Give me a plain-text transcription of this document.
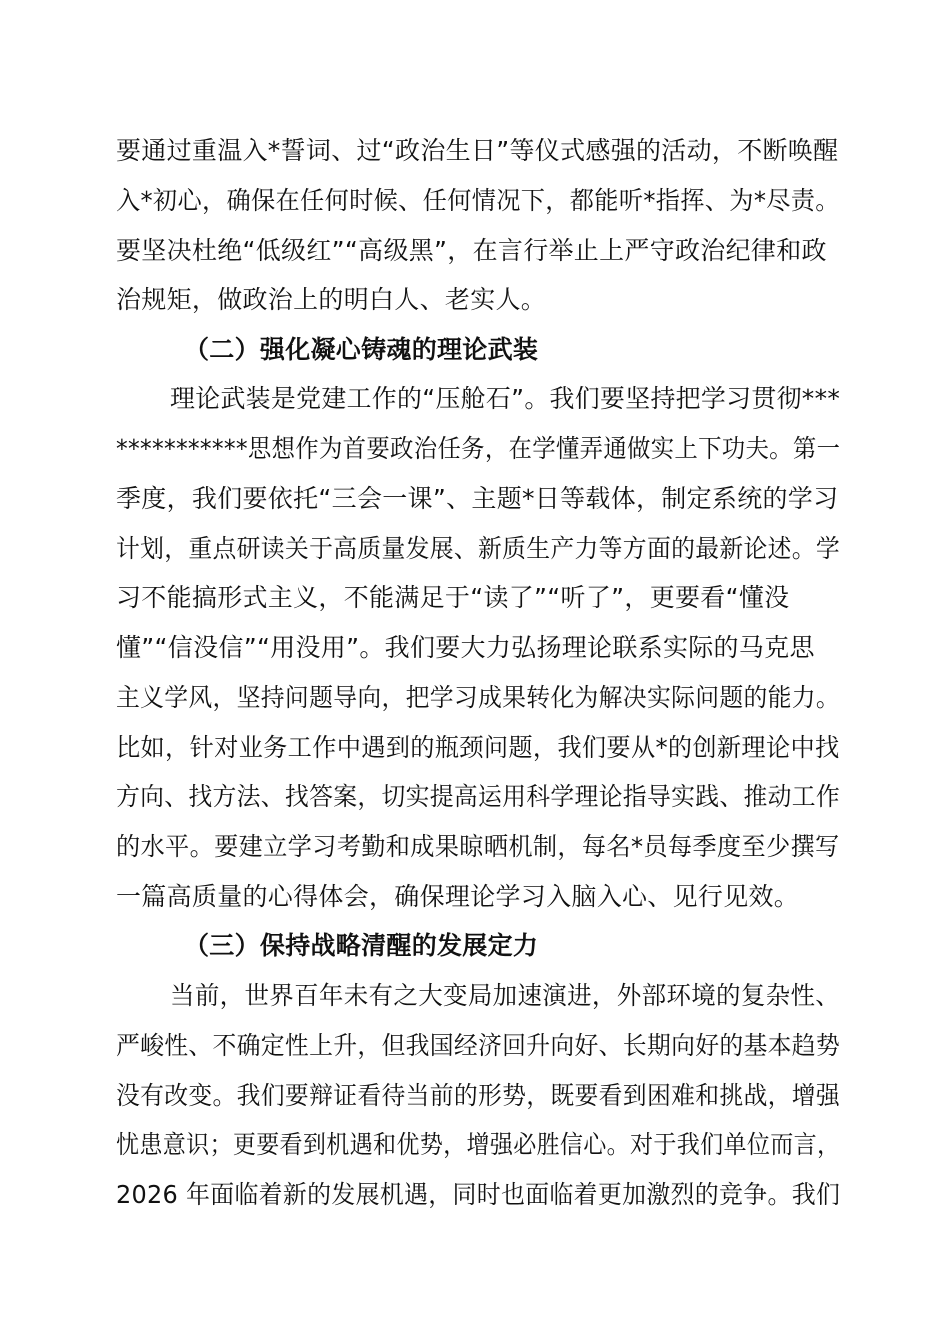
要通过重温入*誓词、过“政治生日”等仪式感强的活动，不断唤醒
入*初心，确保在任何时候、任何情况下，都能听*指挥、为*尽责。
要坚决杜绝“低级红”“高级黑”，在言行举止上严守政治纪律和政
治规矩，做政治上的明白人、老实人。
（二）强化凝心铸魂的理论武装
理论武装是党建工作的“压舱石”。我们要坚持把学习贯彻***
***********思想作为首要政治任务，在学懂弄通做实上下功夫。第一
季度，我们要依托“三会一课”、主题*日等载体，制定系统的学习
计划，重点研读关于高质量发展、新质生产力等方面的最新论述。学
习不能搞形式主义，不能满足于“读了”“听了”，更要看“懂没
懂”“信没信”“用没用”。我们要大力弘扬理论联系实际的马克思
主义学风，坚持问题导向，把学习成果转化为解决实际问题的能力。
比如，针对业务工作中遇到的瓶颈问题，我们要从*的创新理论中找
方向、找方法、找答案，切实提高运用科学理论指导实践、推动工作
的水平。要建立学习考勤和成果晾晒机制，每名*员每季度至少撰写
一篇高质量的心得体会，确保理论学习入脑入心、见行见效。
（三）保持战略清醒的发展定力
当前，世界百年未有之大变局加速演进，外部环境的复杂性、
严峻性、不确定性上升，但我国经济回升向好、长期向好的基本趋势
没有改变。我们要辩证看待当前的形势，既要看到困难和挑战，增强
忧患意识；更要看到机遇和优势，增强必胜信心。对于我们单位而言，
2026 年面临着新的发展机遇，同时也面临着更加激烈的竞争。我们
